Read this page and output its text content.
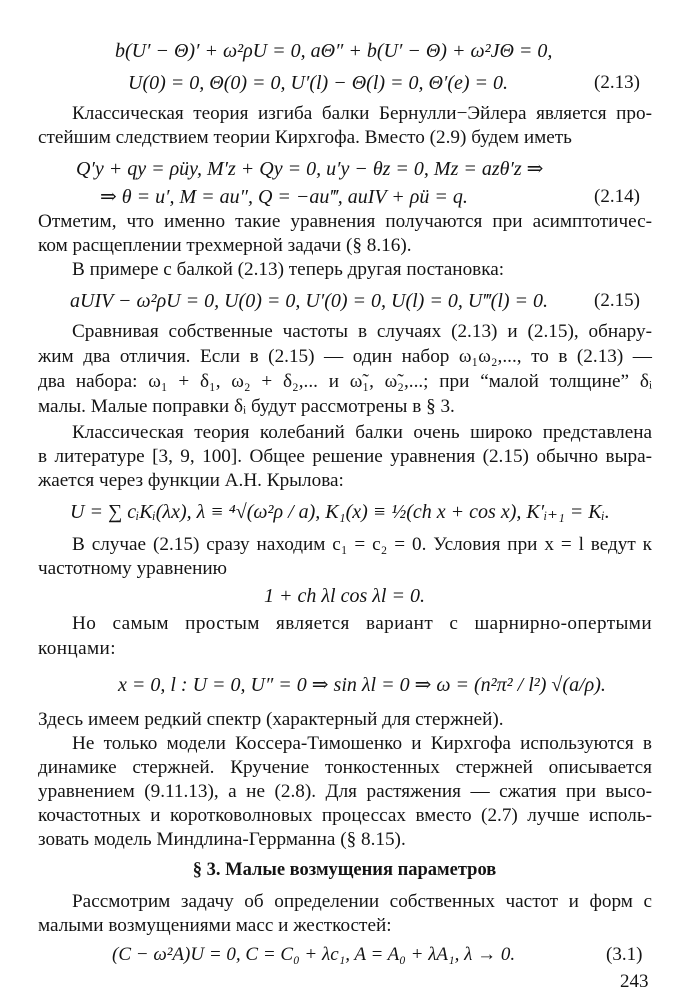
b(U′ − Θ)′ + ω²ρU = 0, aΘ″ + b(U′ − Θ) + ω²JΘ = 0,
U(0) = 0, Θ(0) = 0, U′(l) − Θ(l) = 0, Θ′(e) = 0.	(2.13)
Классическая теория изгиба балки Бернулли−Эйлера является про-
стейшим следствием теории Кирхгофа. Вместо (2.9) будем иметь
Q′y + qy = ρüy, M′z + Qy = 0, u′y − θz = 0, Mz = azθ′z ⇒
⇒ θ = u′, M = au″, Q = −au‴, auIV + ρü = q.	(2.14)
Отметим, что именно такие уравнения получаются при асимптотичес-
ком расщеплении трехмерной задачи (§ 8.16).
В примере с балкой (2.13) теперь другая постановка:
aUIV − ω²ρU = 0, U(0) = 0, U′(0) = 0, U(l) = 0, U‴(l) = 0. (2.15)
Сравнивая собственные частоты в случаях (2.13) и (2.15), обнару-
жим два отличия. Если в (2.15) — один набор ω₁ω₂,..., то в (2.13) —
два набора: ω₁ + δ₁, ω₂ + δ₂,... и ω̃₁, ω̃₂,...; при “малой толщине” δᵢ
малы. Малые поправки δᵢ будут рассмотрены в § 3.
Классическая теория колебаний балки очень широко представлена
в литературе [3, 9, 100]. Общее решение уравнения (2.15) обычно выра-
жается через функции А.Н. Крылова:
U = ∑ cᵢKᵢ(λx), λ ≡ ⁴√(ω²ρ / a), K₁(x) ≡ ½(ch x + cos x), K′ᵢ₊₁ = Kᵢ.
В случае (2.15) сразу находим c₁ = c₂ = 0. Условия при x = l ведут к
частотному уравнению
1 + ch λl cos λl = 0.
Но самым простым является вариант с шарнирно-опертыми
концами:
x = 0, l : U = 0, U″ = 0 ⇒ sin λl = 0 ⇒ ω = (n²π² / l²) √(a/ρ).
Здесь имеем редкий спектр (характерный для стержней).
Не только модели Коссера-Тимошенко и Кирхгофа используются в
динамике стержней. Кручение тонкостенных стержней описывается
уравнением (9.11.13), а не (2.8). Для растяжения — сжатия при высо-
кочастотных и коротковолновых процессах вместо (2.7) лучше исполь-
зовать модель Миндлина-Геррманна (§ 8.15).
§ 3. Малые возмущения параметров
Рассмотрим задачу об определении собственных частот и форм с
малыми возмущениями масс и жесткостей:
(C − ω²A)U = 0, C = C₀ + λc₁, A = A₀ + λA₁, λ → 0.	(3.1)
243
